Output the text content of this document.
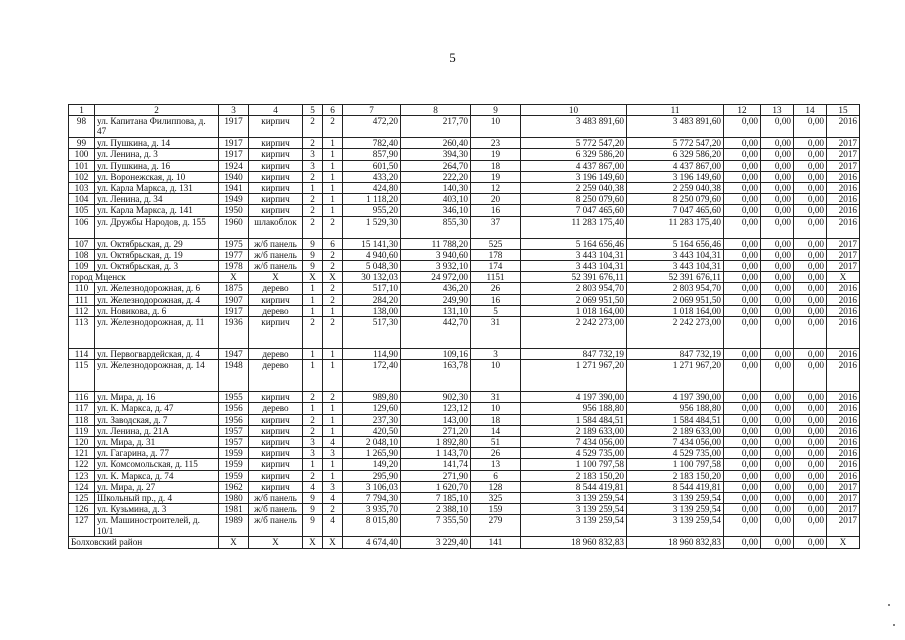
5
1	2	3	4	5	6	7	8	9	10	11	12	13	14	15
98	ул. Капитана Филиппова, д. 47	1917	кирпич	2	2	472,20	217,70	10	3 483 891,60	3 483 891,60	0,00	0,00	0,00	2016
99	ул. Пушкина, д. 14	1917	кирпич	2	1	782,40	260,40	23	5 772 547,20	5 772 547,20	0,00	0,00	0,00	2017
100	ул. Ленина, д. 3	1917	кирпич	3	1	857,90	394,30	19	6 329 586,20	6 329 586,20	0,00	0,00	0,00	2017
101	ул. Пушкина, д. 16	1924	кирпич	3	1	601,50	264,70	18	4 437 867,00	4 437 867,00	0,00	0,00	0,00	2017
102	ул. Воронежская, д. 10	1940	кирпич	2	1	433,20	222,20	19	3 196 149,60	3 196 149,60	0,00	0,00	0,00	2016
103	ул. Карла Маркса, д. 131	1941	кирпич	1	1	424,80	140,30	12	2 259 040,38	2 259 040,38	0,00	0,00	0,00	2016
104	ул. Ленина, д. 34	1949	кирпич	2	1	1 118,20	403,10	20	8 250 079,60	8 250 079,60	0,00	0,00	0,00	2016
105	ул. Карла Маркса, д. 141	1950	кирпич	2	1	955,20	346,10	16	7 047 465,60	7 047 465,60	0,00	0,00	0,00	2016
106	ул. Дружбы Народов, д. 155	1960	шлакоблок	2	2	1 529,30	855,30	37	11 283 175,40	11 283 175,40	0,00	0,00	0,00	2016
107	ул. Октябрьская, д. 29	1975	ж/б панель	9	6	15 141,30	11 788,20	525	5 164 656,46	5 164 656,46	0,00	0,00	0,00	2017
108	ул. Октябрьская, д. 19	1977	ж/б панель	9	2	4 940,60	3 940,60	178	3 443 104,31	3 443 104,31	0,00	0,00	0,00	2017
109	ул. Октябрьская, д. 3	1978	ж/б панель	9	2	5 048,30	3 932,10	174	3 443 104,31	3 443 104,31	0,00	0,00	0,00	2017
город Мценск		X	X	X	X	30 132,03	24 972,00	1151	52 391 676,11	52 391 676,11	0,00	0,00	0,00	X
110	ул. Железнодорожная, д. 6	1875	дерево	1	2	517,10	436,20	26	2 803 954,70	2 803 954,70	0,00	0,00	0,00	2016
111	ул. Железнодорожная, д. 4	1907	кирпич	1	2	284,20	249,90	16	2 069 951,50	2 069 951,50	0,00	0,00	0,00	2016
112	ул. Новикова, д. 6	1917	дерево	1	1	138,00	131,10	5	1 018 164,00	1 018 164,00	0,00	0,00	0,00	2016
113	ул. Железнодорожная, д. 11	1936	кирпич	2	2	517,30	442,70	31	2 242 273,00	2 242 273,00	0,00	0,00	0,00	2016
114	ул. Первогвардейская, д. 4	1947	дерево	1	1	114,90	109,16	3	847 732,19	847 732,19	0,00	0,00	0,00	2016
115	ул. Железнодорожная, д. 14	1948	дерево	1	1	172,40	163,78	10	1 271 967,20	1 271 967,20	0,00	0,00	0,00	2016
116	ул. Мира, д. 16	1955	кирпич	2	2	989,80	902,30	31	4 197 390,00	4 197 390,00	0,00	0,00	0,00	2016
117	ул. К. Маркса, д. 47	1956	дерево	1	1	129,60	123,12	10	956 188,80	956 188,80	0,00	0,00	0,00	2016
118	ул. Заводская, д. 7	1956	кирпич	2	1	237,30	143,00	18	1 584 484,51	1 584 484,51	0,00	0,00	0,00	2016
119	ул. Ленина, д. 21А	1957	кирпич	2	1	420,50	271,20	14	2 189 633,00	2 189 633,00	0,00	0,00	0,00	2016
120	ул. Мира, д. 31	1957	кирпич	3	4	2 048,10	1 892,80	51	7 434 056,00	7 434 056,00	0,00	0,00	0,00	2016
121	ул. Гагарина, д. 77	1959	кирпич	3	3	1 265,90	1 143,70	26	4 529 735,00	4 529 735,00	0,00	0,00	0,00	2016
122	ул. Комсомольская, д. 115	1959	кирпич	1	1	149,20	141,74	13	1 100 797,58	1 100 797,58	0,00	0,00	0,00	2016
123	ул. К. Маркса, д. 74	1959	кирпич	2	1	295,90	271,90	6	2 183 150,20	2 183 150,20	0,00	0,00	0,00	2016
124	ул. Мира, д. 27	1962	кирпич	4	3	3 106,03	1 620,70	128	8 544 419,81	8 544 419,81	0,00	0,00	0,00	2017
125	Школьный пр., д. 4	1980	ж/б панель	9	4	7 794,30	7 185,10	325	3 139 259,54	3 139 259,54	0,00	0,00	0,00	2017
126	ул. Кузьмина, д. 3	1981	ж/б панель	9	2	3 935,70	2 388,10	159	3 139 259,54	3 139 259,54	0,00	0,00	0,00	2017
127	ул. Машиностроителей, д. 10/1	1989	ж/б панель	9	4	8 015,80	7 355,50	279	3 139 259,54	3 139 259,54	0,00	0,00	0,00	2017
Болховский район		X	X	X	X	4 674,40	3 229,40	141	18 960 832,83	18 960 832,83	0,00	0,00	0,00	X
